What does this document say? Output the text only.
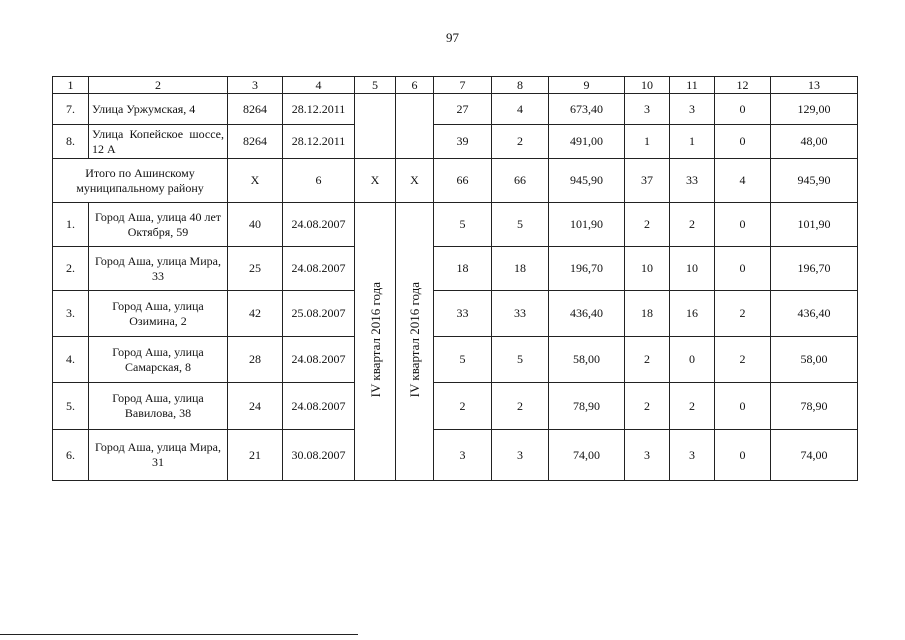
97
1	2	3	4	5	6	7	8	9	10	11	12	13
7.	Улица Уржумская, 4	8264	28.12.2011			27	4	673,40	3	3	0	129,00
8.	Улица Копейское шоссе, 12 А	8264	28.12.2011			39	2	491,00	1	1	0	48,00
Итого по Ашинскому муниципальному району		Х	6	Х	Х	66	66	945,90	37	33	4	945,90
1.	Город Аша, улица 40 лет Октября, 59	40	24.08.2007	IV квартал 2016 года	IV квартал 2016 года	5	5	101,90	2	2	0	101,90
2.	Город Аша, улица Мира, 33	25	24.08.2007			18	18	196,70	10	10	0	196,70
3.	Город Аша, улица Озимина, 2	42	25.08.2007			33	33	436,40	18	16	2	436,40
4.	Город Аша, улица Самарская, 8	28	24.08.2007			5	5	58,00	2	0	2	58,00
5.	Город Аша, улица Вавилова, 38	24	24.08.2007			2	2	78,90	2	2	0	78,90
6.	Город Аша, улица Мира, 31	21	30.08.2007			3	3	74,00	3	3	0	74,00
